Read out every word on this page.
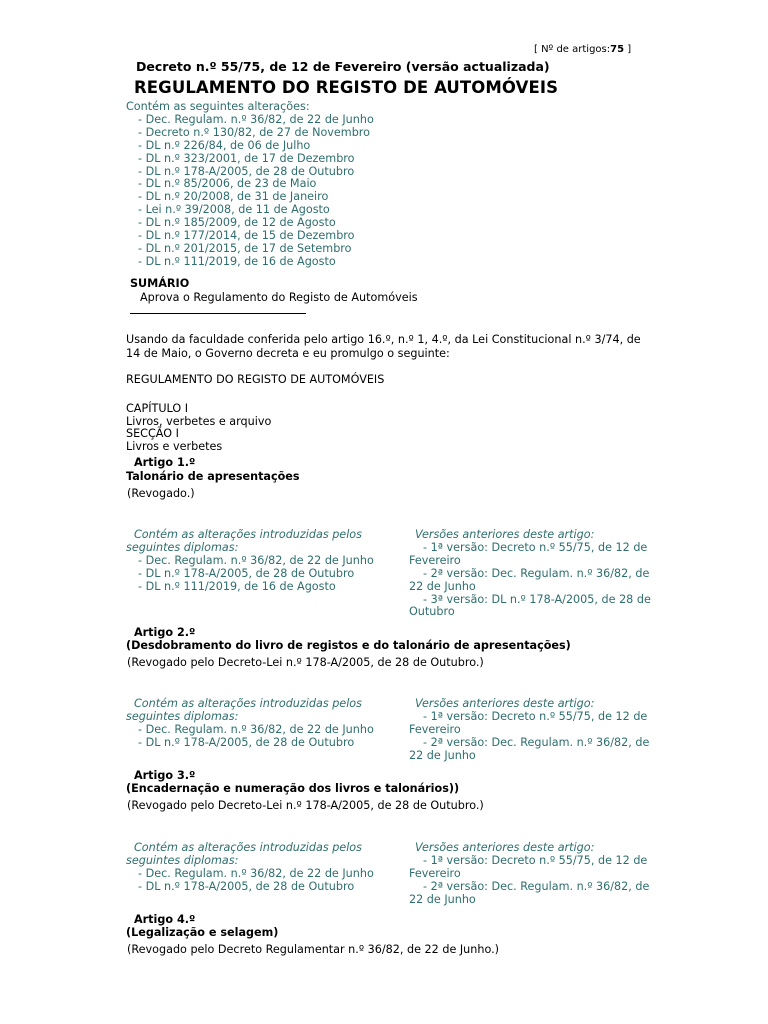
[ Nº de artigos:75 ]
Decreto n.º 55/75, de 12 de Fevereiro (versão actualizada)
REGULAMENTO DO REGISTO DE AUTOMÓVEIS
Contém as seguintes alterações:
- Dec. Regulam. n.º 36/82, de 22 de Junho
- Decreto n.º 130/82, de 27 de Novembro
- DL n.º 226/84, de 06 de Julho
- DL n.º 323/2001, de 17 de Dezembro
- DL n.º 178-A/2005, de 28 de Outubro
- DL n.º 85/2006, de 23 de Maio
- DL n.º 20/2008, de 31 de Janeiro
- Lei n.º 39/2008, de 11 de Agosto
- DL n.º 185/2009, de 12 de Agosto
- DL n.º 177/2014, de 15 de Dezembro
- DL n.º 201/2015, de 17 de Setembro
- DL n.º 111/2019, de 16 de Agosto
SUMÁRIO
Aprova o Regulamento do Registo de Automóveis
Usando da faculdade conferida pelo artigo 16.º, n.º 1, 4.º, da Lei Constitucional n.º 3/74, de 14 de Maio, o Governo decreta e eu promulgo o seguinte:
REGULAMENTO DO REGISTO DE AUTOMÓVEIS
CAPÍTULO I
Livros, verbetes e arquivo
SECÇÃO I
Livros e verbetes
Artigo 1.º
Talonário de apresentações
(Revogado.)
Contém as alterações introduzidas pelos seguintes diplomas:
- Dec. Regulam. n.º 36/82, de 22 de Junho
- DL n.º 178-A/2005, de 28 de Outubro
- DL n.º 111/2019, de 16 de Agosto
Versões anteriores deste artigo:
- 1ª versão: Decreto n.º 55/75, de 12 de Fevereiro
- 2ª versão: Dec. Regulam. n.º 36/82, de 22 de Junho
- 3ª versão: DL n.º 178-A/2005, de 28 de Outubro
Artigo 2.º
(Desdobramento do livro de registos e do talonário de apresentações)
(Revogado pelo Decreto-Lei n.º 178-A/2005, de 28 de Outubro.)
Contém as alterações introduzidas pelos seguintes diplomas:
- Dec. Regulam. n.º 36/82, de 22 de Junho
- DL n.º 178-A/2005, de 28 de Outubro
Versões anteriores deste artigo:
- 1ª versão: Decreto n.º 55/75, de 12 de Fevereiro
- 2ª versão: Dec. Regulam. n.º 36/82, de 22 de Junho
Artigo 3.º
(Encadernação e numeração dos livros e talonários))
(Revogado pelo Decreto-Lei n.º 178-A/2005, de 28 de Outubro.)
Contém as alterações introduzidas pelos seguintes diplomas:
- Dec. Regulam. n.º 36/82, de 22 de Junho
- DL n.º 178-A/2005, de 28 de Outubro
Versões anteriores deste artigo:
- 1ª versão: Decreto n.º 55/75, de 12 de Fevereiro
- 2ª versão: Dec. Regulam. n.º 36/82, de 22 de Junho
Artigo 4.º
(Legalização e selagem)
(Revogado pelo Decreto Regulamentar n.º 36/82, de 22 de Junho.)
